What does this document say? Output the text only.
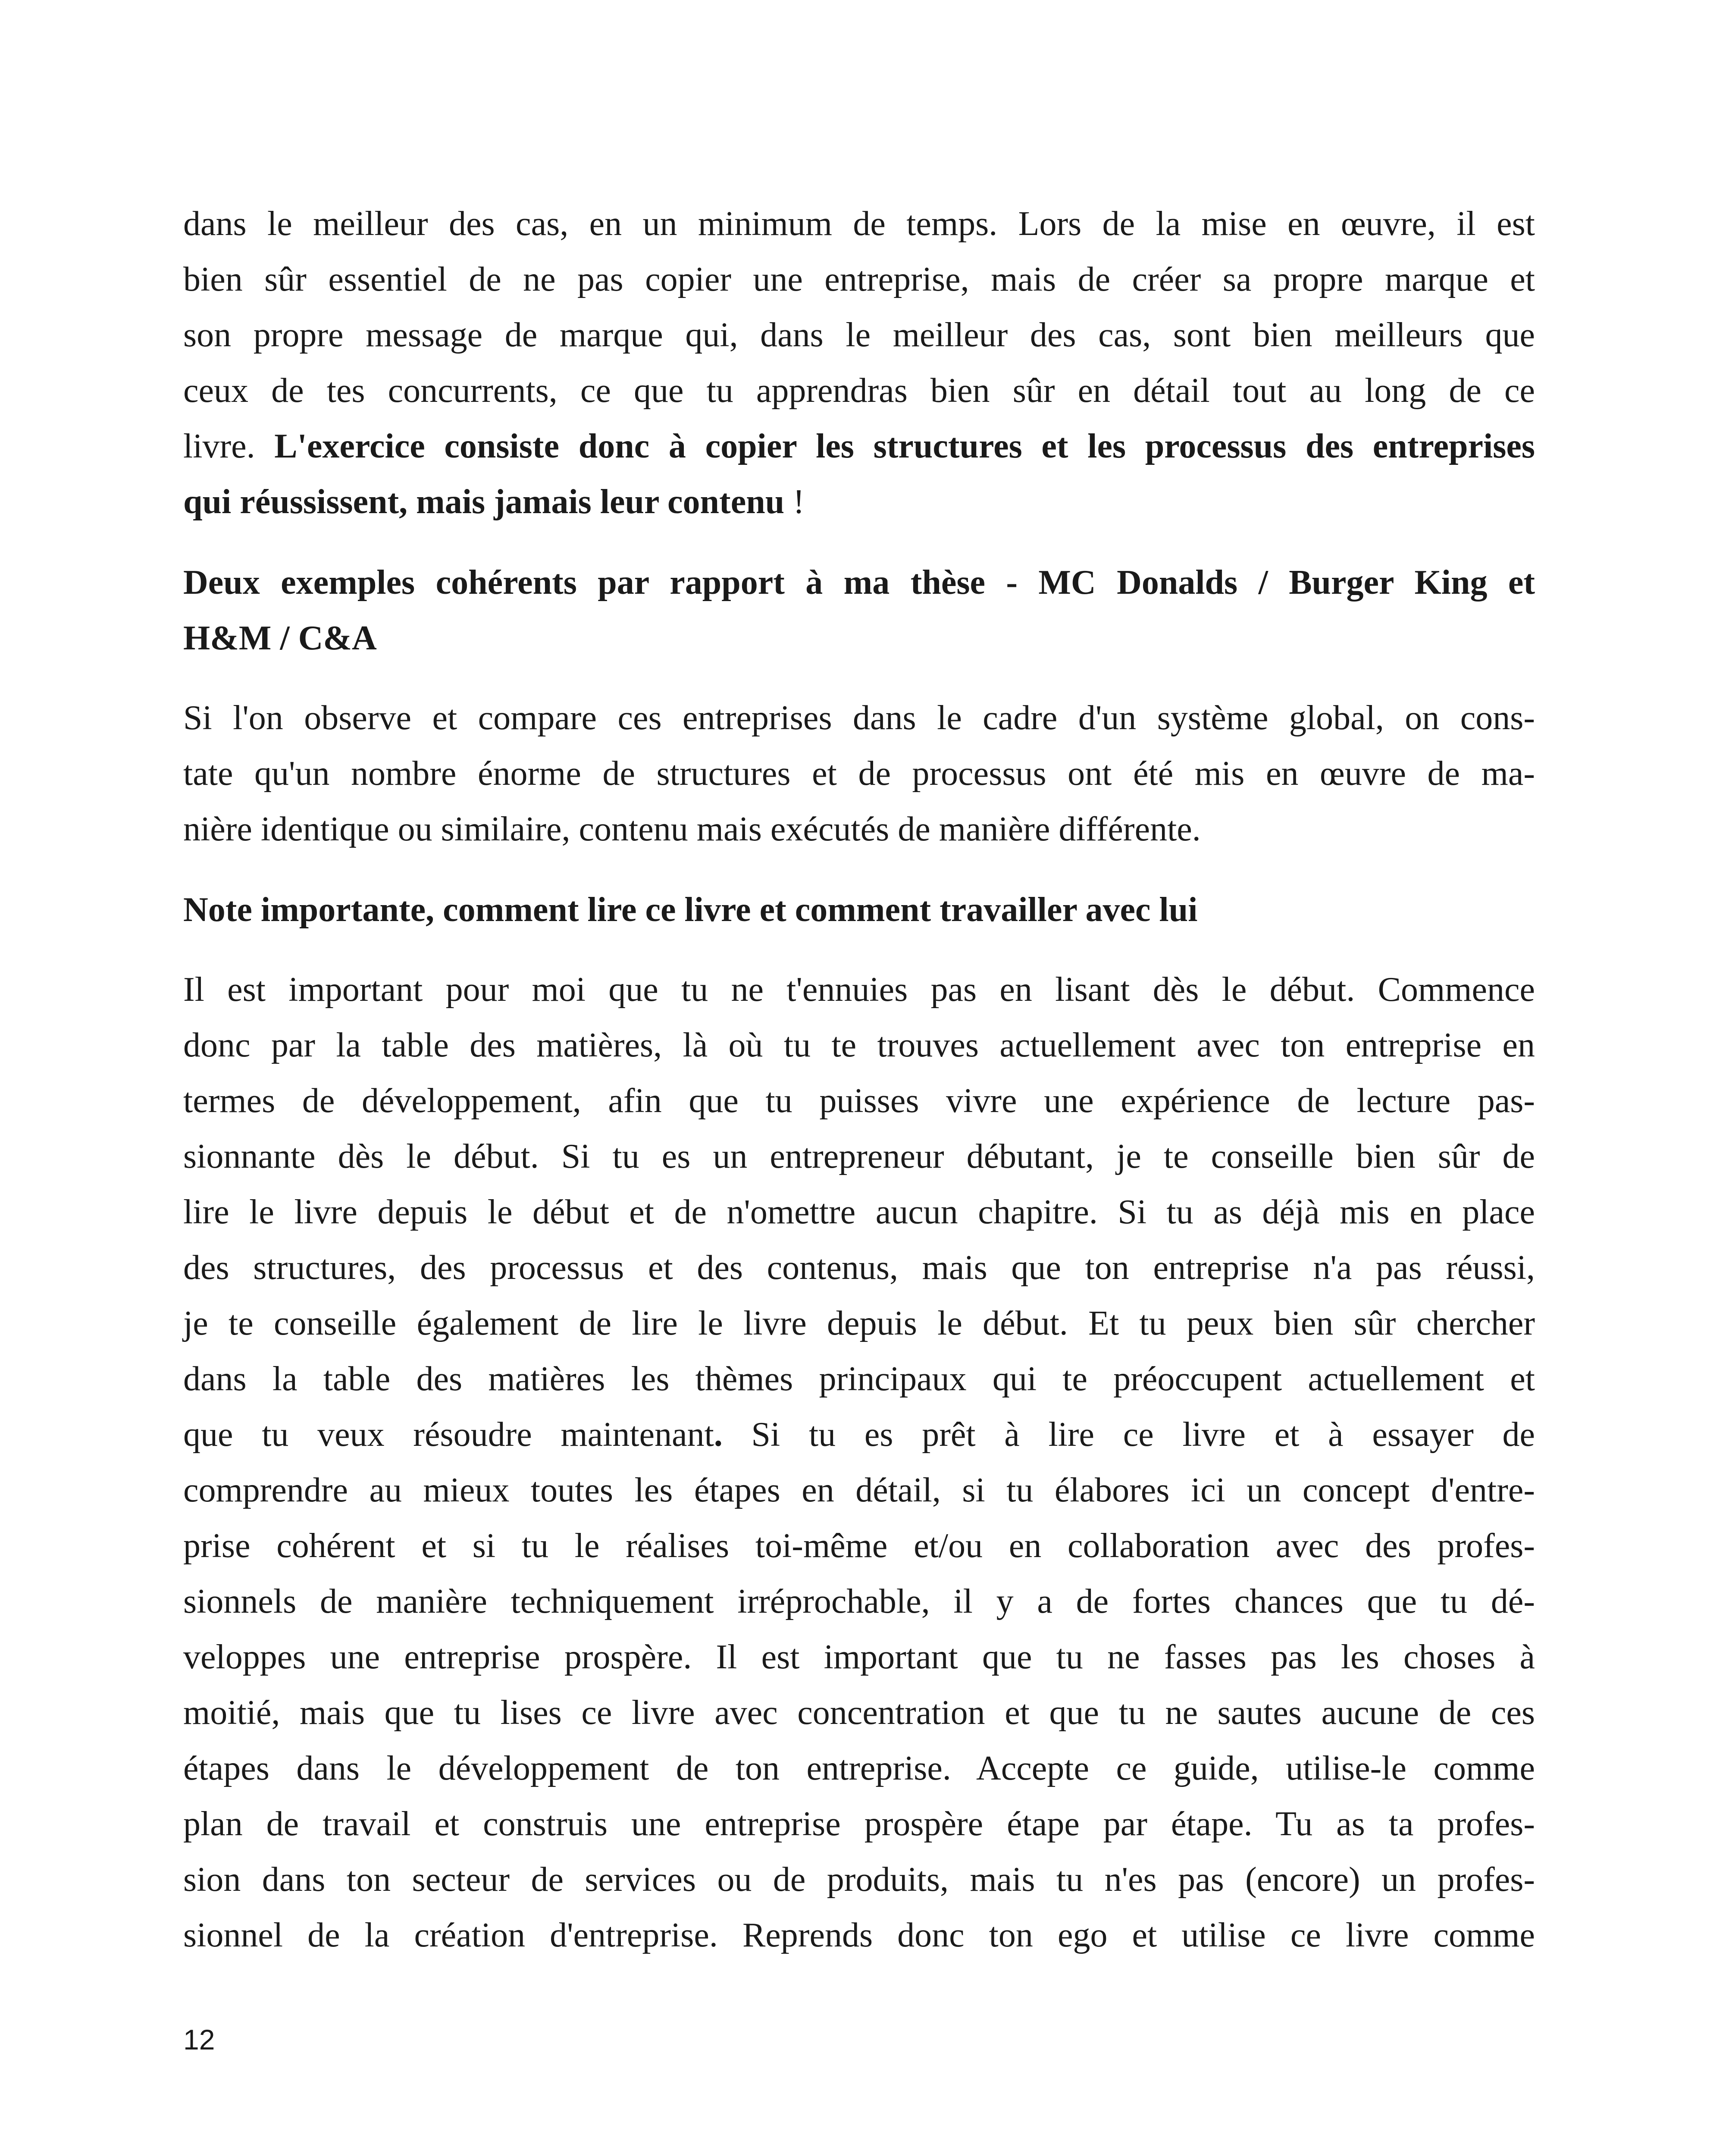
dans le meilleur des cas, en un minimum de temps. Lors de la mise en œuvre, il est
bien sûr essentiel de ne pas copier une entreprise, mais de créer sa propre marque et
son propre message de marque qui, dans le meilleur des cas, sont bien meilleurs que
ceux de tes concurrents, ce que tu apprendras bien sûr en détail tout au long de ce
livre. L'exercice consiste donc à copier les structures et les processus des entreprises
qui réussissent, mais jamais leur contenu !

Deux exemples cohérents par rapport à ma thèse - MC Donalds / Burger King et
H&M / C&A

Si l'on observe et compare ces entreprises dans le cadre d'un système global, on cons-
tate qu'un nombre énorme de structures et de processus ont été mis en œuvre de ma-
nière identique ou similaire, contenu mais exécutés de manière différente.

Note importante, comment lire ce livre et comment travailler avec lui

Il est important pour moi que tu ne t'ennuies pas en lisant dès le début. Commence
donc par la table des matières, là où tu te trouves actuellement avec ton entreprise en
termes de développement, afin que tu puisses vivre une expérience de lecture pas-
sionnante dès le début. Si tu es un entrepreneur débutant, je te conseille bien sûr de
lire le livre depuis le début et de n'omettre aucun chapitre. Si tu as déjà mis en place
des structures, des processus et des contenus, mais que ton entreprise n'a pas réussi,
je te conseille également de lire le livre depuis le début. Et tu peux bien sûr chercher
dans la table des matières les thèmes principaux qui te préoccupent actuellement et
que tu veux résoudre maintenant. Si tu es prêt à lire ce livre et à essayer de
comprendre au mieux toutes les étapes en détail, si tu élabores ici un concept d'entre-
prise cohérent et si tu le réalises toi-même et/ou en collaboration avec des profes-
sionnels de manière techniquement irréprochable, il y a de fortes chances que tu dé-
veloppes une entreprise prospère. Il est important que tu ne fasses pas les choses à
moitié, mais que tu lises ce livre avec concentration et que tu ne sautes aucune de ces
étapes dans le développement de ton entreprise. Accepte ce guide, utilise-le comme
plan de travail et construis une entreprise prospère étape par étape. Tu as ta profes-
sion dans ton secteur de services ou de produits, mais tu n'es pas (encore) un profes-
sionnel de la création d'entreprise. Reprends donc ton ego et utilise ce livre comme

12
